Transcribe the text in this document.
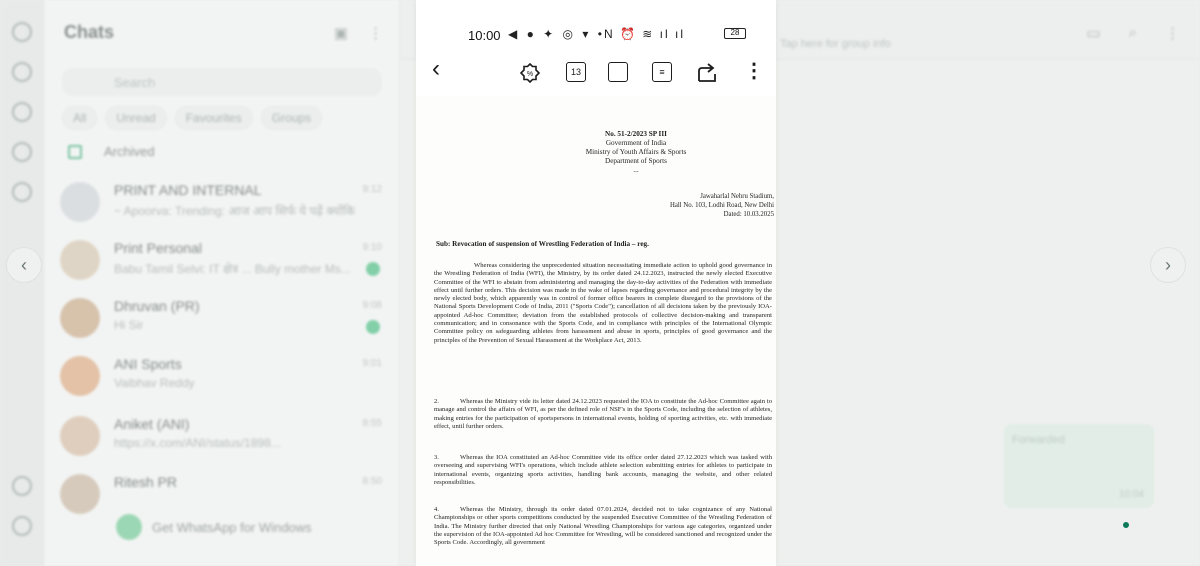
Chats	▣ ⋮
Search
All	Unread	Favourites	Groups
Archived
PRINT AND INTERNAL
~ Apoorva: Trending: आज आप सिर्फ ये पढ़ें क्योंकि
9:12
Print Personal
Babu Tamil Selvi: IT क्षेत्र ... Bully mother Ms...
9:10
Dhruvan (PR)
Hi Sir
9:08
ANI Sports
Vaibhav Reddy
9:01
Aniket (ANI)
https://x.com/ANI/status/1898...
8:55
Ritesh PR	8:50
Get WhatsApp for Windows
Tap here for group info
▭ ⌕ ⋮
Forwarded
10:04
‹	›
10:00 ◀ ● ✦ ◎ ▾ • N ⏰ ≋ ıl ıl	28
‹	%	13	≡	⋮
No. 51-2/2023 SP III
Government of India
Ministry of Youth Affairs & Sports
Department of Sports
...
Jawaharlal Nehru Stadium,
Hall No. 103, Lodhi Road, New Delhi
Dated: 10.03.2025
Sub: Revocation of suspension of Wrestling Federation of India – reg.
Whereas considering the unprecedented situation necessitating immediate action to uphold good governance in the Wrestling Federation of India (WFI), the Ministry, by its order dated 24.12.2023, instructed the newly elected Executive Committee of the WFI to abstain from administering and managing the day-to-day activities of the Federation with immediate effect until further orders. This decision was made in the wake of lapses regarding governance and procedural integrity by the newly elected body, which apparently was in control of former office bearers in complete disregard to the provisions of the National Sports Development Code of India, 2011 ("Sports Code"); cancellation of all decisions taken by the previously IOA-appointed Ad-hoc Committee; deviation from the established protocols of collective decision-making and transparent communication; and in consonance with the Sports Code, and in compliance with principles of the International Olympic Committee policy on safeguarding athletes from harassment and abuse in sports, principles of good governance and the principles of the Prevention of Sexual Harassment at the Workplace Act, 2013.
2.	Whereas the Ministry vide its letter dated 24.12.2023 requested the IOA to constitute the Ad-hoc Committee again to manage and control the affairs of WFI, as per the defined role of NSF's in the Sports Code, including the selection of athletes, making entries for the participation of sportspersons in international events, holding of sporting activities, etc. with immediate effect, until further orders.
3.	Whereas the IOA constituted an Ad-hoc Committee vide its office order dated 27.12.2023 which was tasked with overseeing and supervising WFI's operations, which include athlete selection submitting entries for athletes to participate in international events, organizing sports activities, handling bank accounts, managing the website, and other related responsibilities.
4.	Whereas the Ministry, through its order dated 07.01.2024, decided not to take cognizance of any National Championships or other sports competitions conducted by the suspended Executive Committee of the Wrestling Federation of India. The Ministry further directed that only National Wrestling Championships for various age categories, organized under the supervision of the IOA-appointed Ad hoc Committee for Wrestling, will be considered sanctioned and recognized under the Sports Code. Accordingly, all government
